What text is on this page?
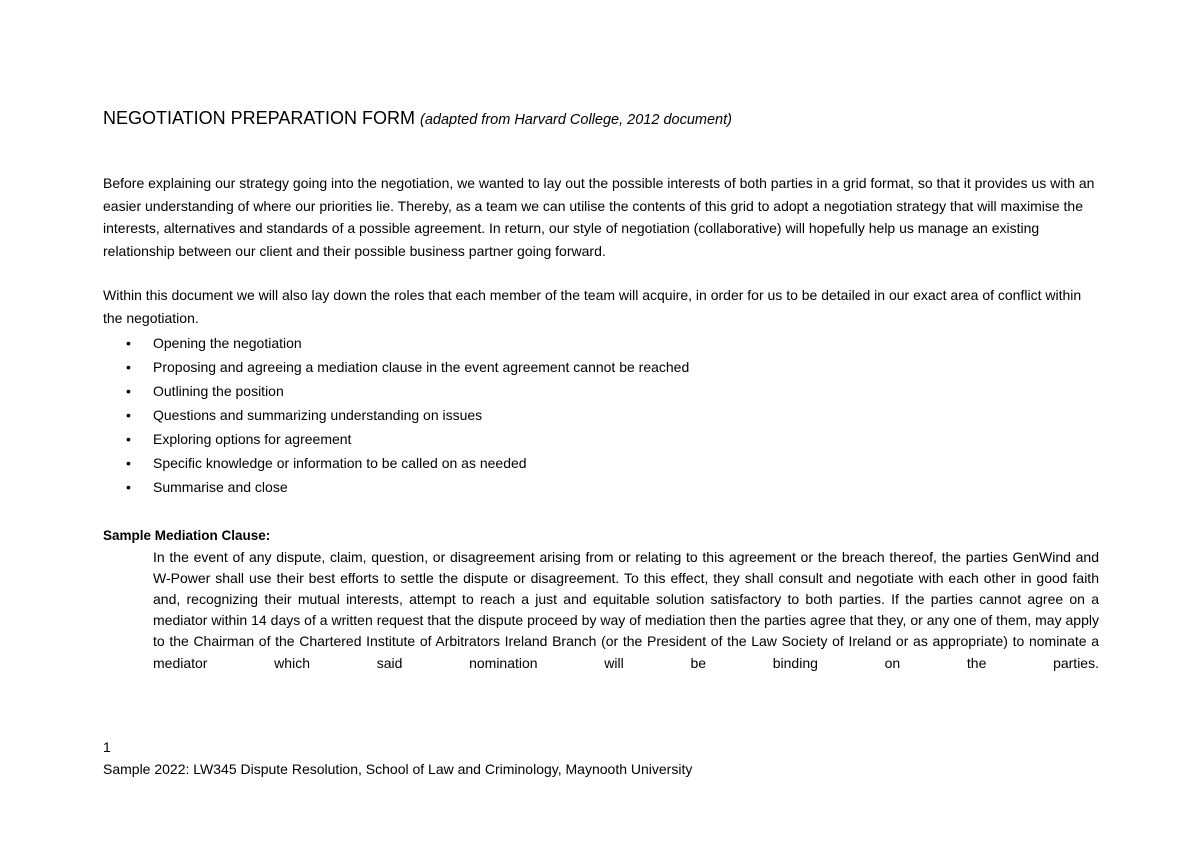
NEGOTIATION PREPARATION FORM (adapted from Harvard College, 2012 document)

Before explaining our strategy going into the negotiation, we wanted to lay out the possible interests of both parties in a grid format, so that it provides us with an easier understanding of where our priorities lie. Thereby, as a team we can utilise the contents of this grid to adopt a negotiation strategy that will maximise the interests, alternatives and standards of a possible agreement. In return, our style of negotiation (collaborative) will hopefully help us manage an existing relationship between our client and their possible business partner going forward.

Within this document we will also lay down the roles that each member of the team will acquire, in order for us to be detailed in our exact area of conflict within the negotiation.

• Opening the negotiation
• Proposing and agreeing a mediation clause in the event agreement cannot be reached
• Outlining the position
• Questions and summarizing understanding on issues
• Exploring options for agreement
• Specific knowledge or information to be called on as needed
• Summarise and close

Sample Mediation Clause:

In the event of any dispute, claim, question, or disagreement arising from or relating to this agreement or the breach thereof, the parties GenWind and W-Power shall use their best efforts to settle the dispute or disagreement. To this effect, they shall consult and negotiate with each other in good faith and, recognizing their mutual interests, attempt to reach a just and equitable solution satisfactory to both parties. If the parties cannot agree on a mediator within 14 days of a written request that the dispute proceed by way of mediation then the parties agree that they, or any one of them, may apply to the Chairman of the Chartered Institute of Arbitrators Ireland Branch (or the President of the Law Society of Ireland or as appropriate) to nominate a mediator which said nomination will be binding on the parties.

1

Sample 2022: LW345 Dispute Resolution, School of Law and Criminology, Maynooth University
